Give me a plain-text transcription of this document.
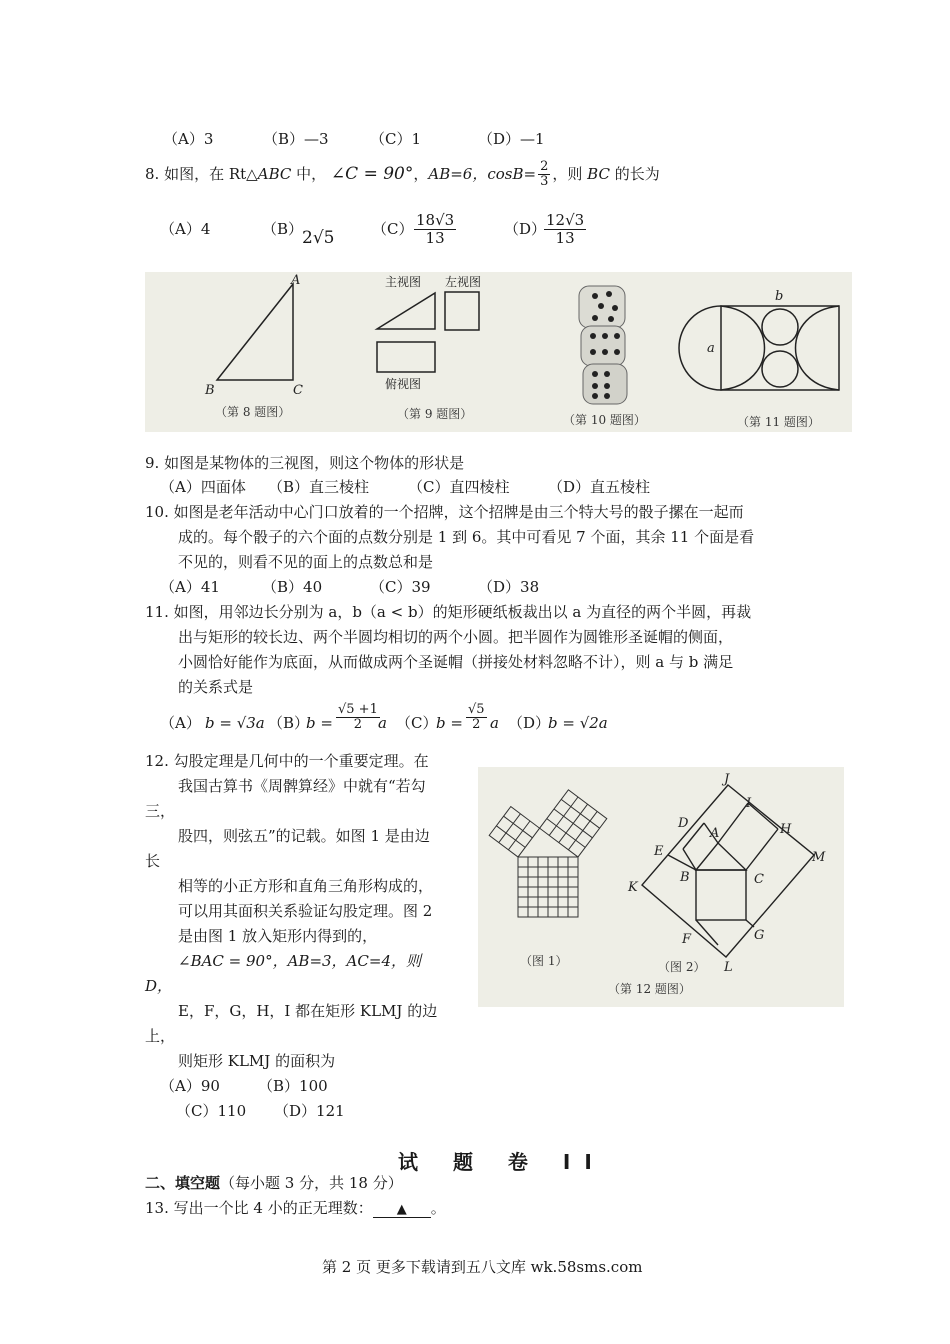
（A）3	（B）—3	（C）1	（D）—1
8. 如图，在 Rt△ABC 中， ∠C = 90°，AB=6，$\cos B= \frac{2}{3}$ ，则 BC 的长为
（A）4	（B）
2√5	$(C) \frac{18√3}{13}$	（D）
$\frac{12√3}{13}$
A
B	C
（第 8 题图）
主视图 左视图
俯视图
（第 9 题图）	（第 10 题图）
b
a
（第 11 题图）
9. 如图是某物体的三视图，则这个物体的形状是
（A）四面体 （B）直三棱柱	（C）直四棱柱	（D）直五棱柱
10. 如图是老年活动中心门口放着的一个招牌，这个招牌是由三个特大号的骰子摞在一起而
成的。每个骰子的六个面的点数分别是 1 到 6。其中可看见 7 个面，其余 11 个面是看
不见的，则看不见的面上的点数总和是
（A）41	（B）40	（C）39	（D）38
11. 如图，用邻边长分别为 a，b（a < b）的矩形硬纸板裁出以 a 为直径的两个半圆，再裁
出与矩形的较长边、两个半圆均相切的两个小圆。把半圆作为圆锥形圣诞帽的侧面，
小圆恰好能作为底面，从而做成两个圣诞帽（拼接处材料忽略不计），则 a 与 b 满足
的关系式是
（A） b = √3a （B）
$b = \frac{√5 +1}{2}$
a （C）
$b = \frac{√5}{2}$ a （D）
b = √2a
12. 勾股定理是几何中的一个重要定理。在
我国古算书《周髀算经》中就有“若勾
三，
股四，则弦五”的记载。如图 1 是由边
长
相等的小正方形和直角三角形构成的，
可以用其面积关系验证勾股定理。图 2
是由图 1 放入矩形内得到的，
∠BAC = 90°，AB=3，AC=4，则
D，
E，F，G，H，I 都在矩形 KLMJ 的边
上，
则矩形 KLMJ 的面积为
（A）90	（B）100
（C）110 （D）121
（图 1）
J
I
D
A	H
E	M
K
B	C
F	G
L
（图 2）
（第 12 题图）
试 题 卷 II
二、填空题（每小题 3 分，共 18 分）
13. 写出一个比 4 小的正无理数： ▲ 。
第 2 页 更多下载请到五八文库 wk.58sms.com
